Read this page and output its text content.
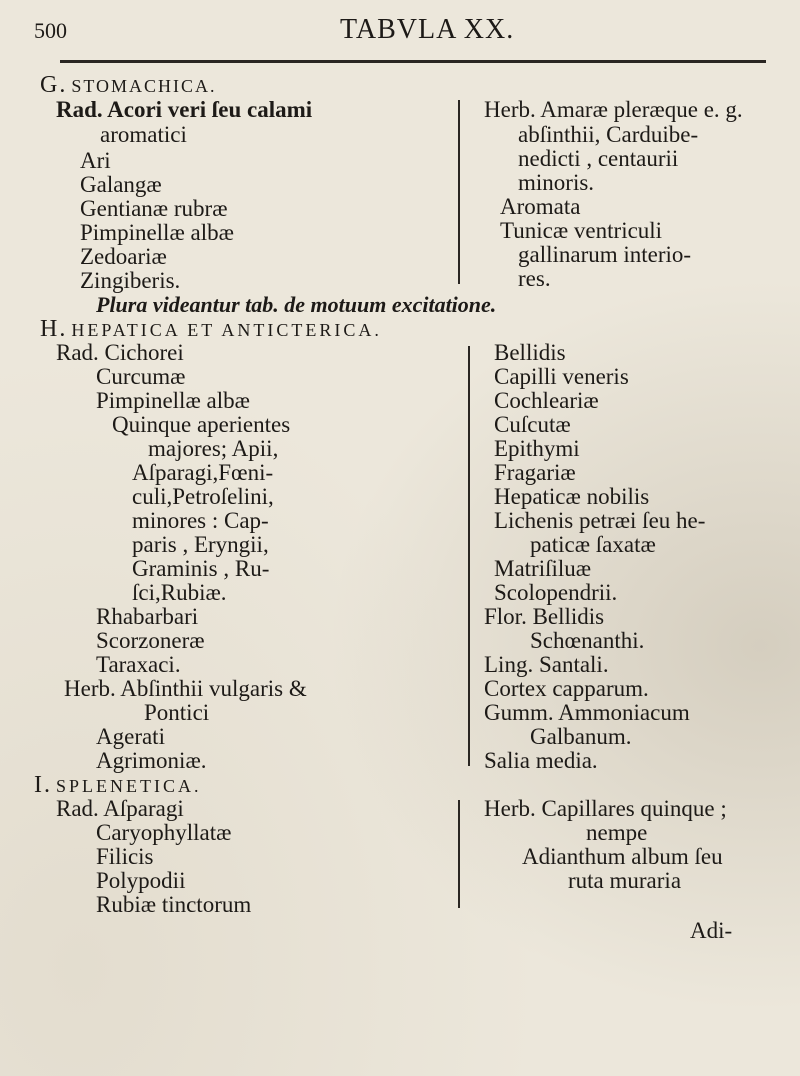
500	TABVLA XX.
G. STOMACHICA.
Rad. Acori veri ſeu calami
aromatici
Ari
Galangæ
Gentianæ rubræ
Pimpinellæ albæ
Zedoariæ
Zingiberis.
Herb. Amaræ pleræque e. g.
abſinthii, Carduibe-
nedicti , centaurii
minoris.
Aromata
Tunicæ ventriculi
gallinarum interio-
res.
Plura videantur tab. de motuum excitatione.
H. HEPATICA ET ANTICTERICA.
Rad. Cichorei
Curcumæ
Pimpinellæ albæ
Quinque aperientes
majores; Apii,
Aſparagi,Fœni-
culi,Petroſelini,
minores : Cap-
paris , Eryngii,
Graminis , Ru-
ſci,Rubiæ.
Rhabarbari
Scorzoneræ
Taraxaci.
Herb. Abſinthii vulgaris &
Pontici
Agerati
Agrimoniæ.
Bellidis
Capilli veneris
Cochleariæ
Cuſcutæ
Epithymi
Fragariæ
Hepaticæ nobilis
Lichenis petræi ſeu he-
paticæ ſaxatæ
Matriſiluæ
Scolopendrii.
Flor. Bellidis
Schœnanthi.
Ling. Santali.
Cortex capparum.
Gumm. Ammoniacum
Galbanum.
Salia media.
I. SPLENETICA.
Rad. Aſparagi
Caryophyllatæ
Filicis
Polypodii
Rubiæ tinctorum
Herb. Capillares quinque ;
nempe
Adianthum album ſeu
ruta muraria
Adi-
